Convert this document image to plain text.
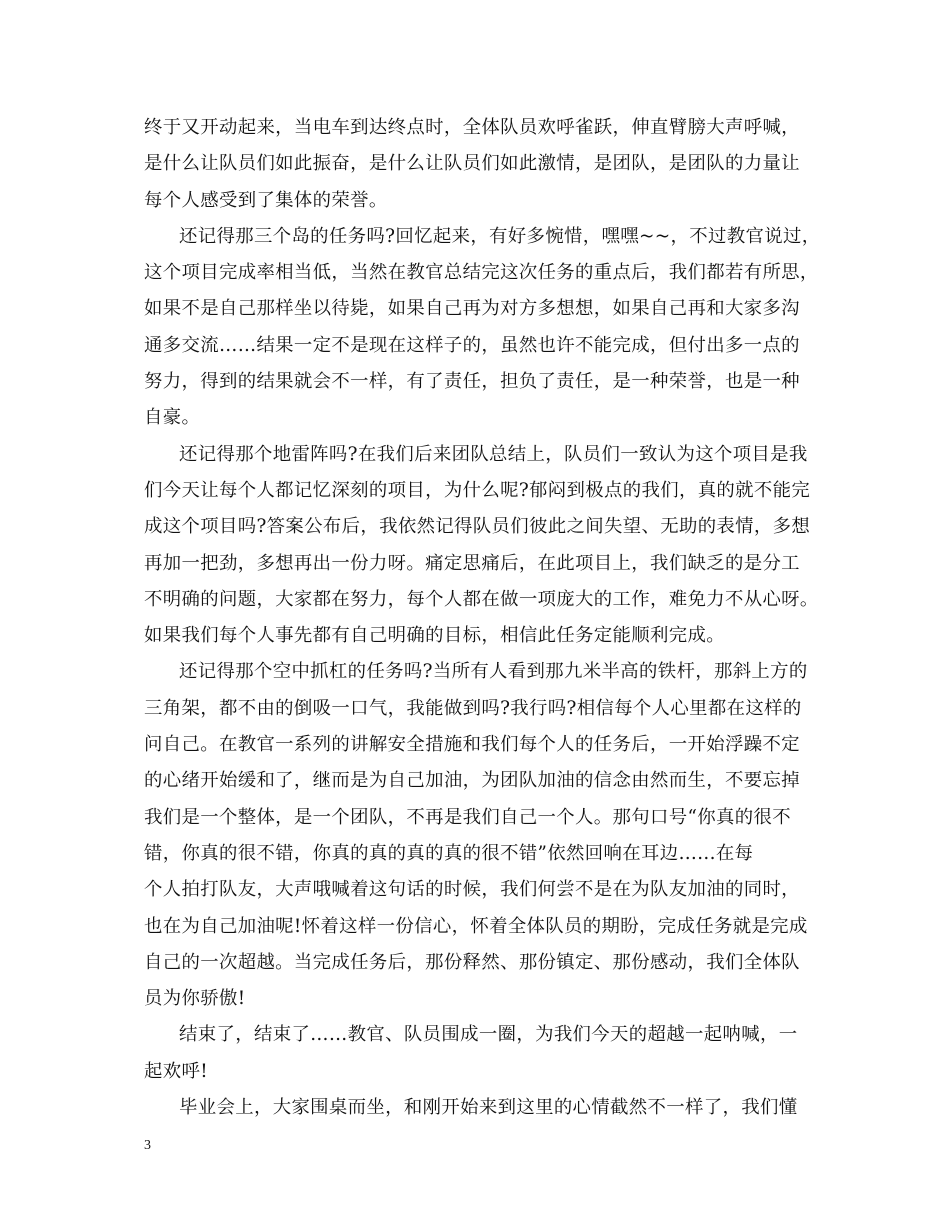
终于又开动起来，当电车到达终点时，全体队员欢呼雀跃，伸直臂膀大声呼喊，
是什么让队员们如此振奋，是什么让队员们如此激情，是团队，是团队的力量让
每个人感受到了集体的荣誉。
还记得那三个岛的任务吗?回忆起来，有好多惋惜，嘿嘿~~，不过教官说过，
这个项目完成率相当低，当然在教官总结完这次任务的重点后，我们都若有所思，
如果不是自己那样坐以待毙，如果自己再为对方多想想，如果自己再和大家多沟
通多交流……结果一定不是现在这样子的，虽然也许不能完成，但付出多一点的
努力，得到的结果就会不一样，有了责任，担负了责任，是一种荣誉，也是一种
自豪。
还记得那个地雷阵吗?在我们后来团队总结上，队员们一致认为这个项目是我
们今天让每个人都记忆深刻的项目，为什么呢?郁闷到极点的我们，真的就不能完
成这个项目吗?答案公布后，我依然记得队员们彼此之间失望、无助的表情，多想
再加一把劲，多想再出一份力呀。痛定思痛后，在此项目上，我们缺乏的是分工
不明确的问题，大家都在努力，每个人都在做一项庞大的工作，难免力不从心呀。
如果我们每个人事先都有自己明确的目标，相信此任务定能顺利完成。
还记得那个空中抓杠的任务吗?当所有人看到那九米半高的铁杆，那斜上方的
三角架，都不由的倒吸一口气，我能做到吗?我行吗?相信每个人心里都在这样的
问自己。在教官一系列的讲解安全措施和我们每个人的任务后，一开始浮躁不定
的心绪开始缓和了，继而是为自己加油，为团队加油的信念由然而生，不要忘掉
我们是一个整体，是一个团队，不再是我们自己一个人。那句口号“你真的很不
错，你真的很不错，你真的真的真的真的很不错”依然回响在耳边…...在每
个人拍打队友，大声哦喊着这句话的时候，我们何尝不是在为队友加油的同时，
也在为自己加油呢!怀着这样一份信心，怀着全体队员的期盼，完成任务就是完成
自己的一次超越。当完成任务后，那份释然、那份镇定、那份感动，我们全体队
员为你骄傲!
结束了，结束了……教官、队员围成一圈，为我们今天的超越一起呐喊，一
起欢呼!
毕业会上，大家围桌而坐，和刚开始来到这里的心情截然不一样了，我们懂
3
